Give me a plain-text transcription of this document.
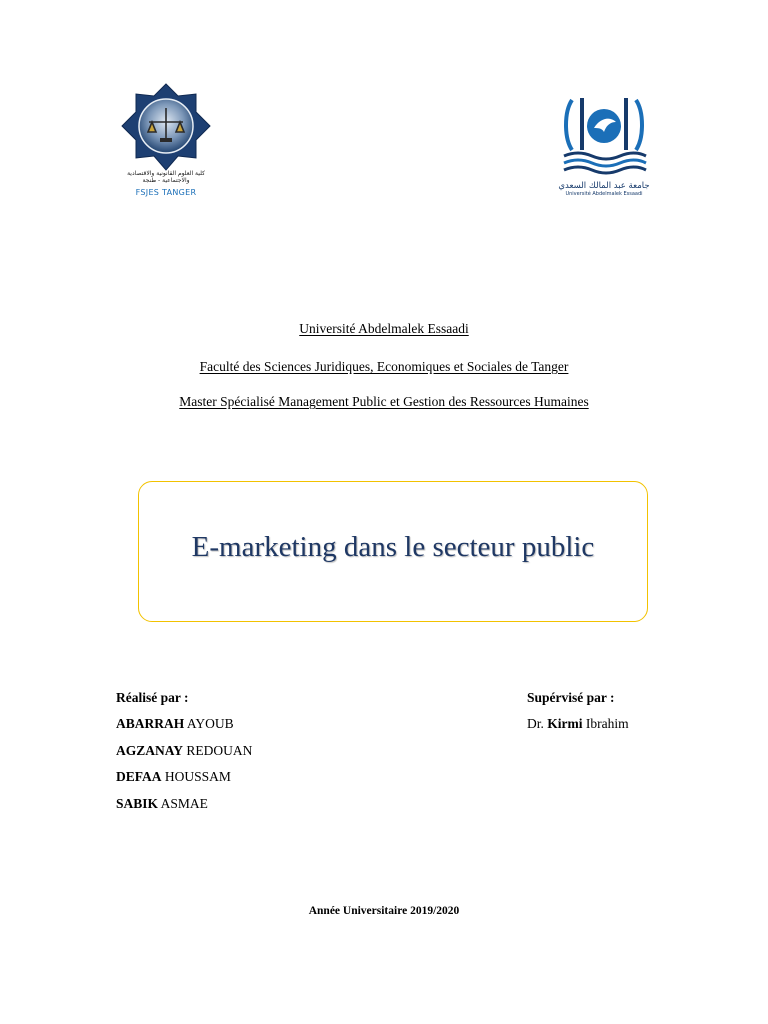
كلية العلوم القانونية والاقتصادية
والاجتماعية - طنجة
FSJES TANGER
جامعة عبد المالك السعدي
Université Abdelmalek Essaadi
Université Abdelmalek Essaadi
Faculté des Sciences Juridiques, Economiques et Sociales de Tanger
Master Spécialisé Management Public et Gestion des Ressources Humaines
E-marketing dans le secteur public
Réalisé par :
ABARRAH AYOUB
AGZANAY REDOUAN
DEFAA HOUSSAM
SABIK ASMAE
Supérvisé par :
Dr. Kirmi Ibrahim
Année Universitaire 2019/2020
